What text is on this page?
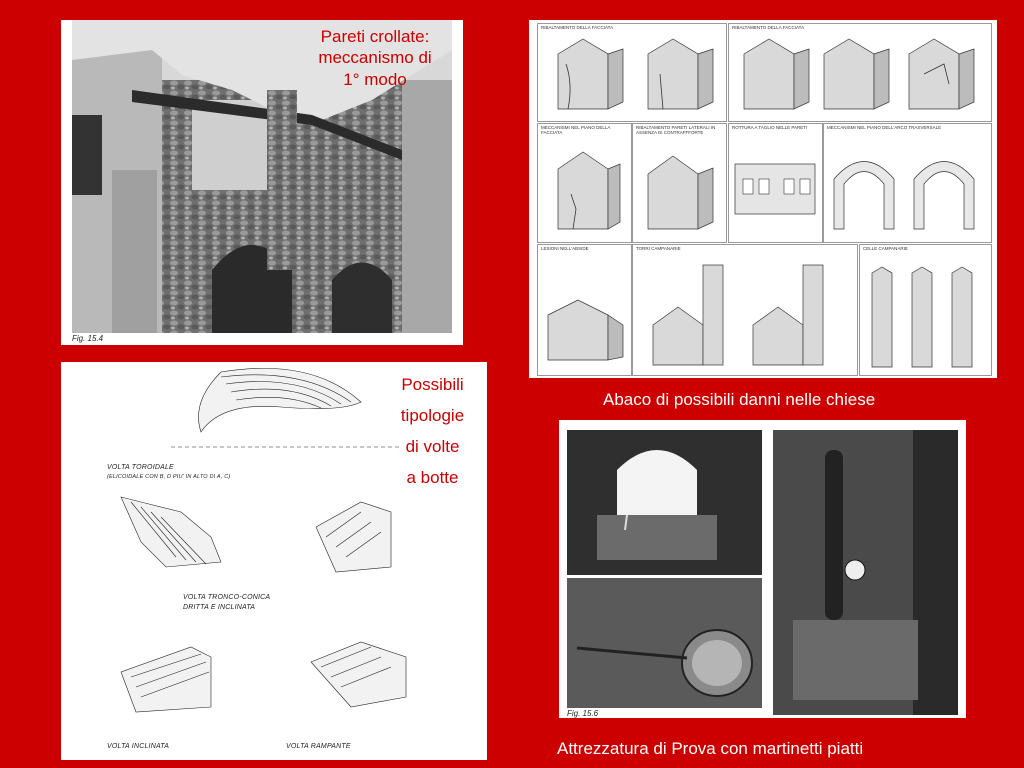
Fig. 15.4
Pareti crollate:
meccanismo di
1° modo
RIBALTAMENTO DELLA FACCIATA	RIBALTAMENTO DELLA FACCIATA
MECCANISMI NEL PIANO DELLA FACCIATA
RIBALTAMENTO PARETI LATERALI IN ASSENZA DI CONTRAFFFORTE
ROTTURA A TAGLIO NELLE PARETI	MECCANISMI NEL PIANO DELL'ARCO TRASVERSALE
LESIONI NELL'ABSIDE	TORRI CAMPANARIE	CELLE CAMPANARIE
Abaco di possibili danni nelle chiese
VOLTA TOROIDALE
(ELICOIDALE CON B, D PIU' IN ALTO DI A, C)
VOLTA TRONCO-CONICA
DRITTA E INCLINATA
VOLTA INCLINATA	VOLTA RAMPANTE
Possibili
tipologie
di volte
a botte
Fig. 15.6
Attrezzatura di Prova con martinetti piatti
